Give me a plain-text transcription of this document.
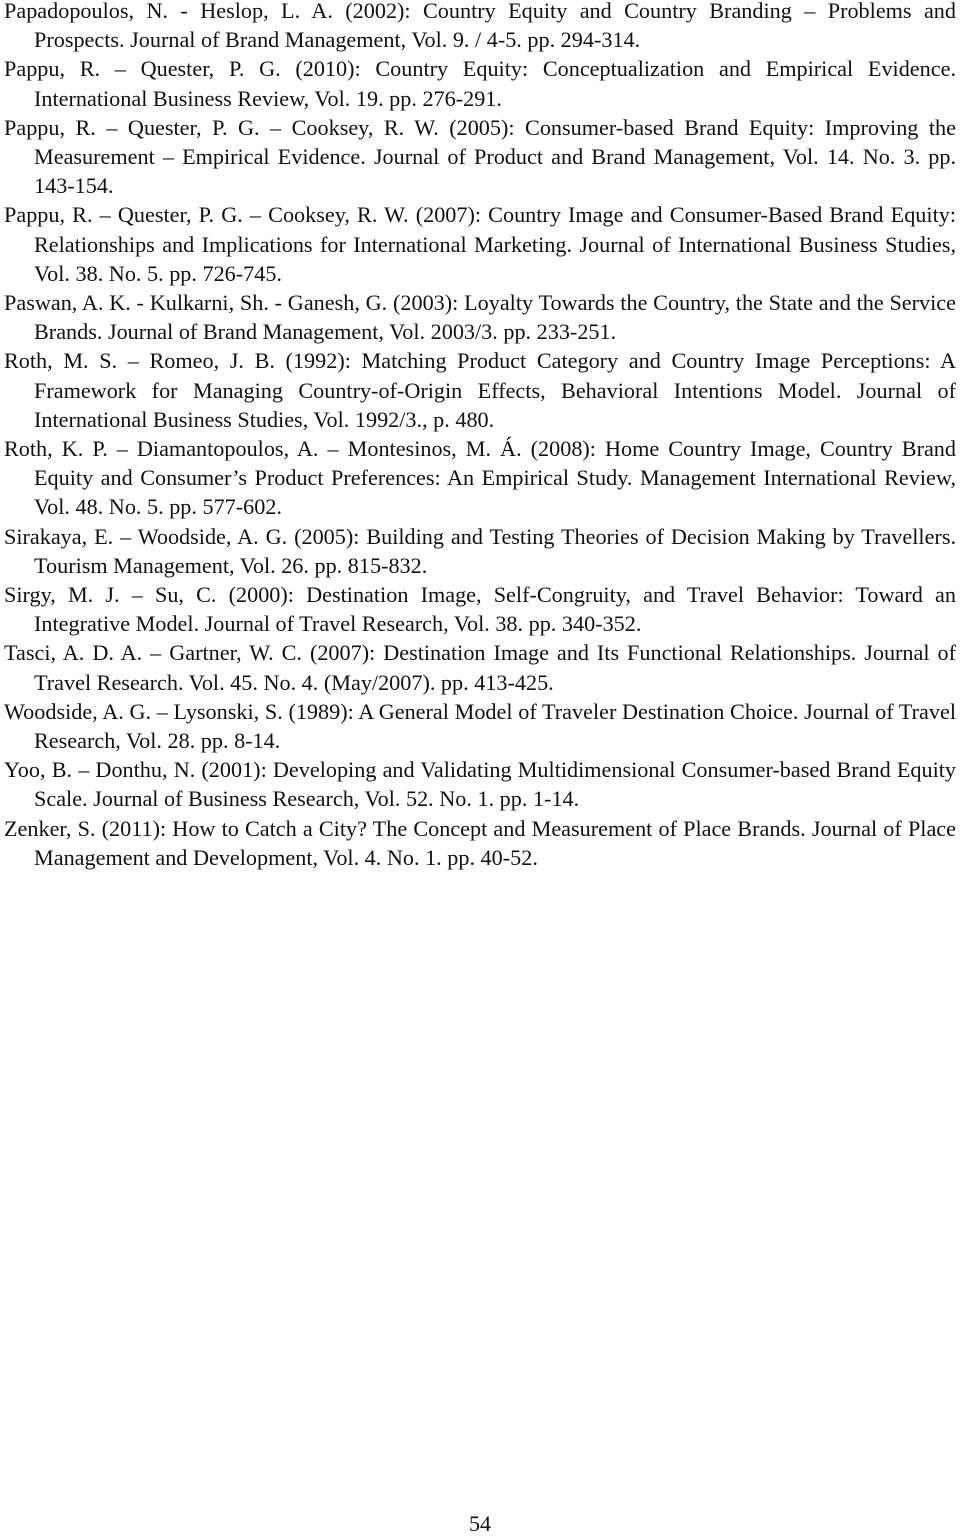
Papadopoulos, N. - Heslop, L. A. (2002): Country Equity and Country Branding – Problems and Prospects. Journal of Brand Management, Vol. 9. / 4-5. pp. 294-314.
Pappu, R. – Quester, P. G. (2010): Country Equity: Conceptualization and Empirical Evidence. International Business Review, Vol. 19. pp. 276-291.
Pappu, R. – Quester, P. G. – Cooksey, R. W. (2005): Consumer-based Brand Equity: Improving the Measurement – Empirical Evidence. Journal of Product and Brand Management, Vol. 14. No. 3. pp. 143-154.
Pappu, R. – Quester, P. G. – Cooksey, R. W. (2007): Country Image and Consumer-Based Brand Equity: Relationships and Implications for International Marketing. Journal of International Business Studies, Vol. 38. No. 5. pp. 726-745.
Paswan, A. K. - Kulkarni, Sh. - Ganesh, G. (2003): Loyalty Towards the Country, the State and the Service Brands. Journal of Brand Management, Vol. 2003/3. pp. 233-251.
Roth, M. S. – Romeo, J. B. (1992): Matching Product Category and Country Image Perceptions: A Framework for Managing Country-of-Origin Effects, Behavioral Intentions Model. Journal of International Business Studies, Vol. 1992/3., p. 480.
Roth, K. P. – Diamantopoulos, A. – Montesinos, M. Á. (2008): Home Country Image, Country Brand Equity and Consumer’s Product Preferences: An Empirical Study. Management International Review, Vol. 48. No. 5. pp. 577-602.
Sirakaya, E. – Woodside, A. G. (2005): Building and Testing Theories of Decision Making by Travellers. Tourism Management, Vol. 26. pp. 815-832.
Sirgy, M. J. – Su, C. (2000): Destination Image, Self-Congruity, and Travel Behavior: Toward an Integrative Model. Journal of Travel Research, Vol. 38. pp. 340-352.
Tasci, A. D. A. – Gartner, W. C. (2007): Destination Image and Its Functional Relationships. Journal of Travel Research. Vol. 45. No. 4. (May/2007). pp. 413-425.
Woodside, A. G. – Lysonski, S. (1989): A General Model of Traveler Destination Choice. Journal of Travel Research, Vol. 28. pp. 8-14.
Yoo, B. – Donthu, N. (2001): Developing and Validating Multidimensional Consumer-based Brand Equity Scale. Journal of Business Research, Vol. 52. No. 1. pp. 1-14.
Zenker, S. (2011): How to Catch a City? The Concept and Measurement of Place Brands. Journal of Place Management and Development, Vol. 4. No. 1. pp. 40-52.
54
